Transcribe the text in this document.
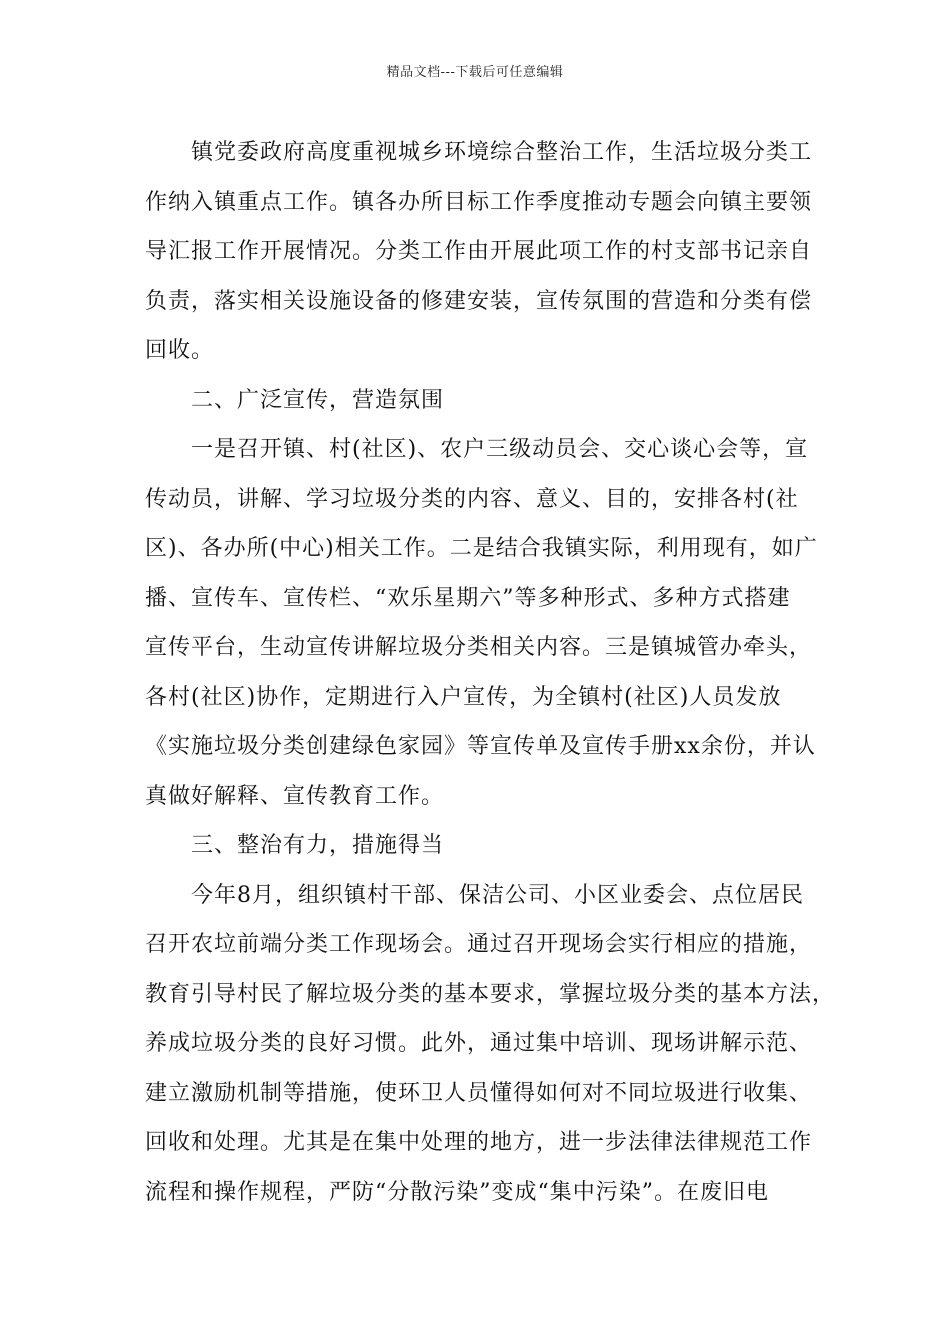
精品文档---下载后可任意编辑
镇党委政府高度重视城乡环境综合整治工作，生活垃圾分类工
作纳入镇重点工作。镇各办所目标工作季度推动专题会向镇主要领
导汇报工作开展情况。分类工作由开展此项工作的村支部书记亲自
负责，落实相关设施设备的修建安装，宣传氛围的营造和分类有偿
回收。
二、广泛宣传，营造氛围
一是召开镇、村(社区)、农户三级动员会、交心谈心会等，宣
传动员，讲解、学习垃圾分类的内容、意义、目的，安排各村(社
区)、各办所(中心)相关工作。二是结合我镇实际，利用现有，如广
播、宣传车、宣传栏、“欢乐星期六”等多种形式、多种方式搭建
宣传平台，生动宣传讲解垃圾分类相关内容。三是镇城管办牵头，
各村(社区)协作，定期进行入户宣传，为全镇村(社区)人员发放
《实施垃圾分类创建绿色家园》等宣传单及宣传手册xx余份，并认
真做好解释、宣传教育工作。
三、整治有力，措施得当
今年8月，组织镇村干部、保洁公司、小区业委会、点位居民
召开农垃前端分类工作现场会。通过召开现场会实行相应的措施，
教育引导村民了解垃圾分类的基本要求，掌握垃圾分类的基本方法，
养成垃圾分类的良好习惯。此外，通过集中培训、现场讲解示范、
建立激励机制等措施，使环卫人员懂得如何对不同垃圾进行收集、
回收和处理。尤其是在集中处理的地方，进一步法律法律规范工作
流程和操作规程，严防“分散污染”变成“集中污染”。在废旧电
